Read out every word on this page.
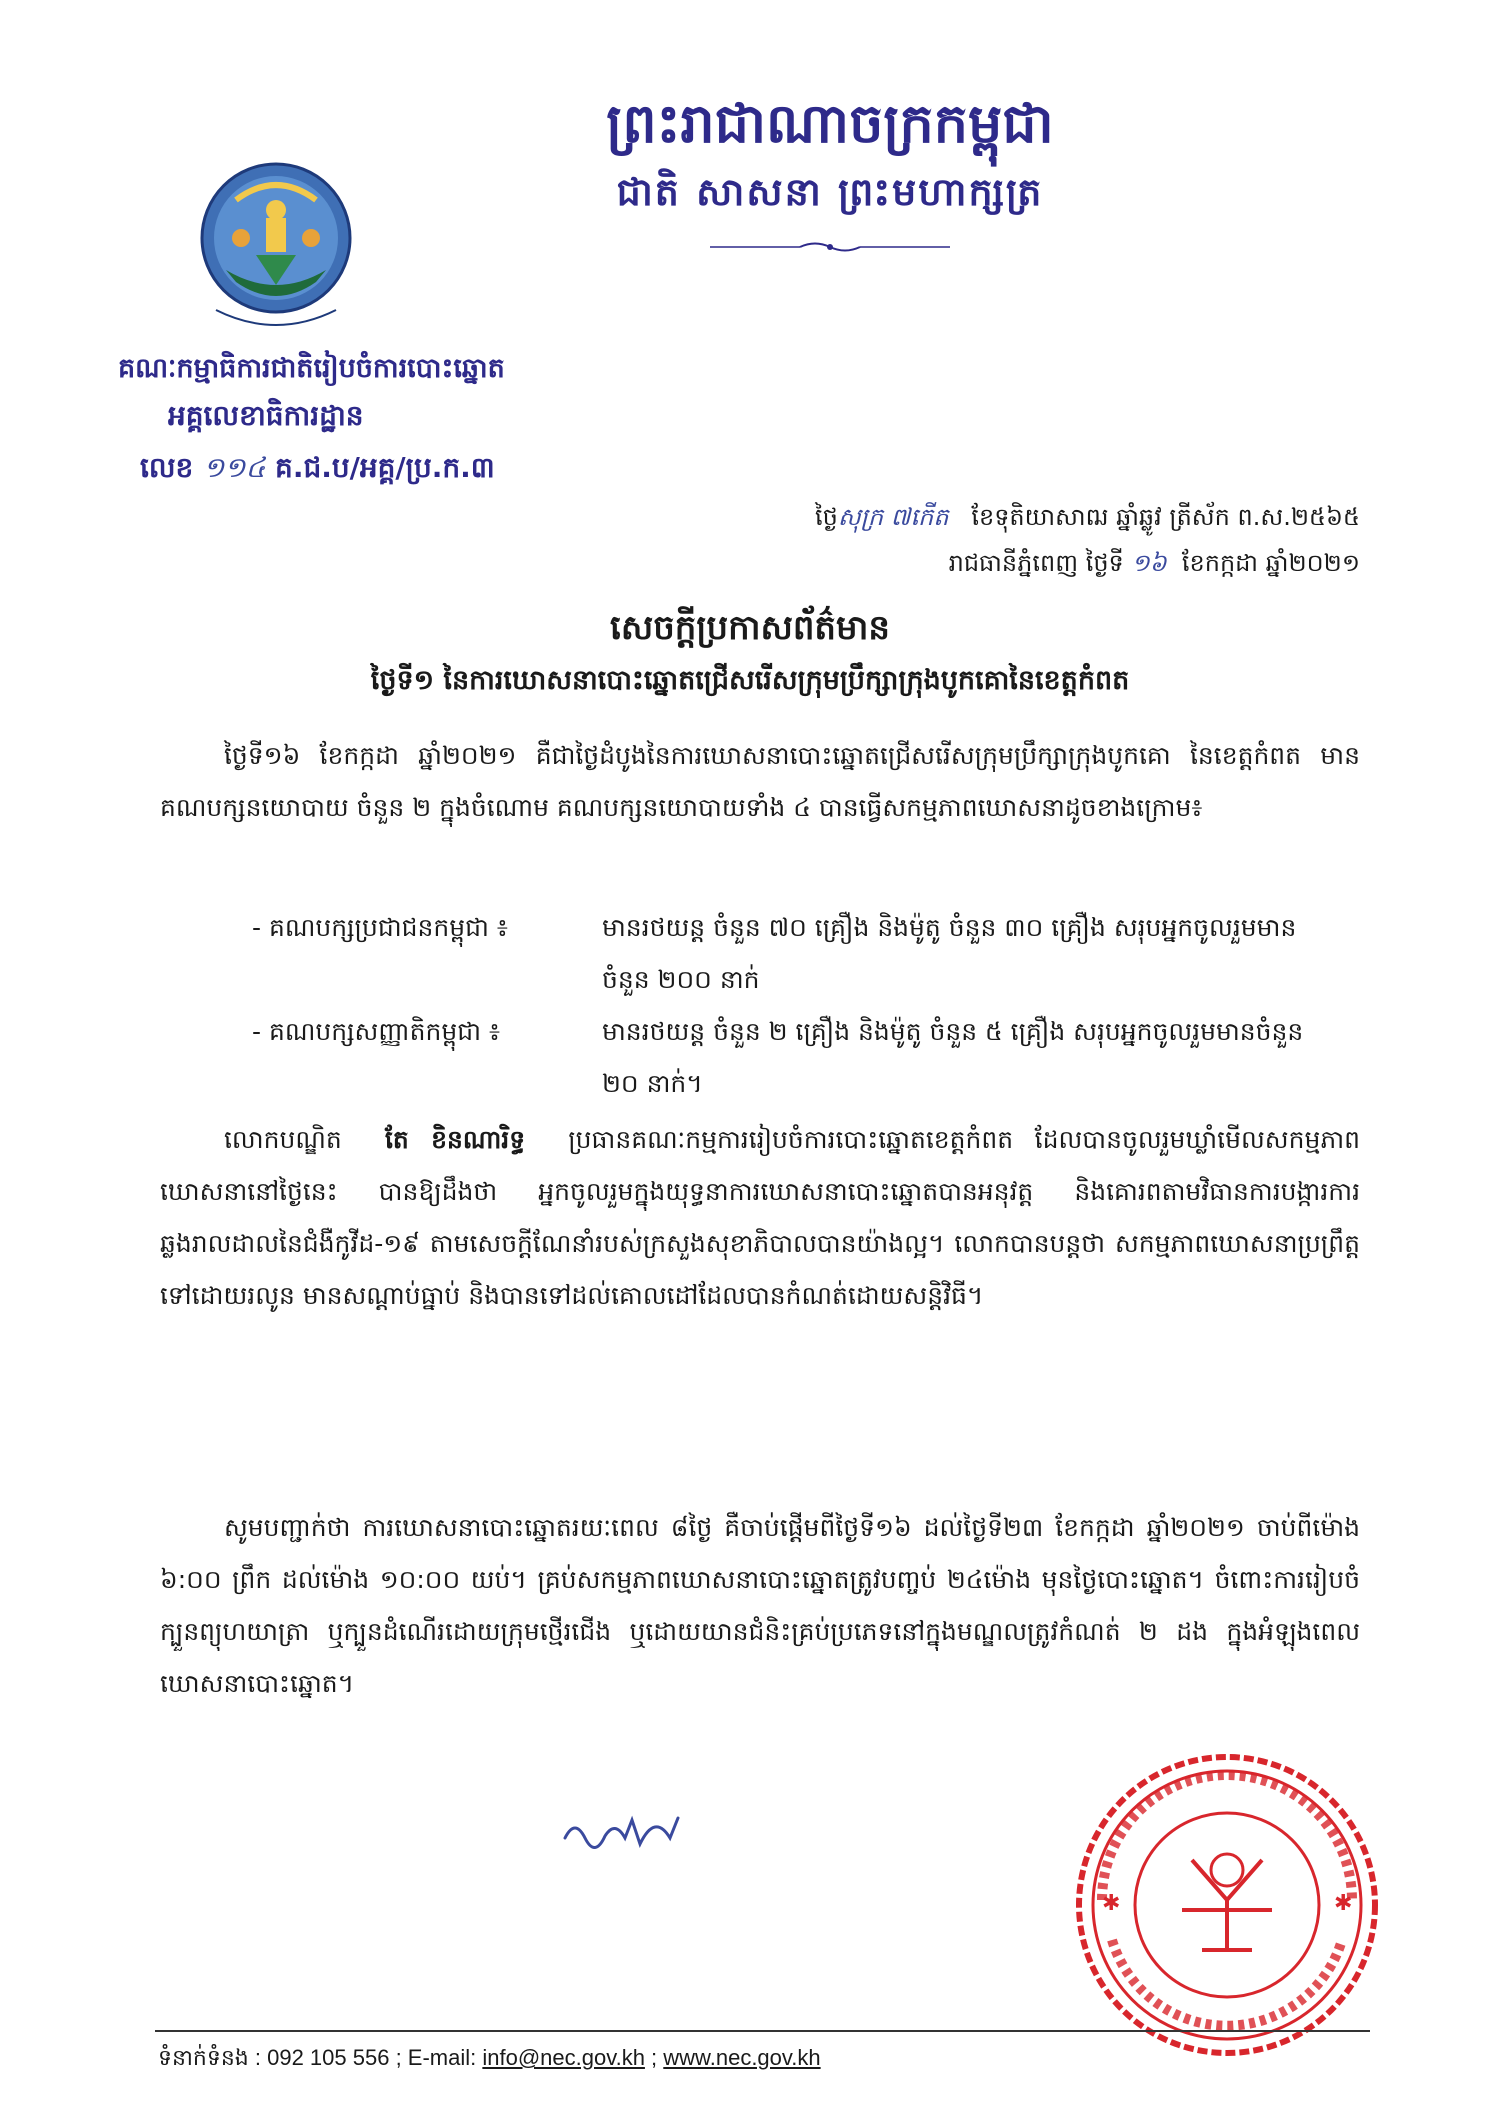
ព្រះរាជាណាចក្រកម្ពុជា
ជាតិ សាសនា ព្រះមហាក្សត្រ
គណៈកម្មាធិការជាតិរៀបចំការបោះឆ្នោត
អគ្គលេខាធិការដ្ឋាន
លេខ ១១៤ គ.ជ.ប/អគ្គ/ប្រ.ក.៣
ថ្ងៃសុក្រ ៧កើត ខែទុតិយាសាឍ ឆ្នាំឆ្លូវ ត្រីស័ក ព.ស.២៥៦៥
រាជធានីភ្នំពេញ ថ្ងៃទី ១៦ ខែកក្កដា ឆ្នាំ២០២១
សេចក្តីប្រកាសព័ត៌មាន
ថ្ងៃទី១ នៃការឃោសនាបោះឆ្នោតជ្រើសរើសក្រុមប្រឹក្សាក្រុងបូកគោនៃខេត្តកំពត
ថ្ងៃទី១៦ ខែកក្កដា ឆ្នាំ២០២១ គឺជាថ្ងៃដំបូងនៃការឃោសនាបោះឆ្នោតជ្រើសរើសក្រុមប្រឹក្សាក្រុងបូកគោ នៃខេត្តកំពត មានគណបក្សនយោបាយ ចំនួន ២ ក្នុងចំណោម គណបក្សនយោបាយទាំង ៤ បានធ្វើសកម្មភាពឃោសនាដូចខាងក្រោម៖
- គណបក្សប្រជាជនកម្ពុជា ៖	មានរថយន្ត ចំនួន ៧០ គ្រឿង និងម៉ូតូ ចំនួន ៣០ គ្រឿង សរុបអ្នកចូលរួមមានចំនួន ២០០ នាក់
- គណបក្សសញ្ញាតិកម្ពុជា ៖	មានរថយន្ត ចំនួន ២ គ្រឿង និងម៉ូតូ ចំនួន ៥ គ្រឿង សរុបអ្នកចូលរួមមានចំនួន ២០ នាក់។
លោកបណ្ឌិត តែ ខិនណារិទ្ធ ប្រធានគណៈកម្មការរៀបចំការបោះឆ្នោតខេត្តកំពត ដែលបានចូលរួមឃ្លាំមើលសកម្មភាពឃោសនានៅថ្ងៃនេះ បានឱ្យដឹងថា អ្នកចូលរួមក្នុងយុទ្ធនាការឃោសនាបោះឆ្នោតបានអនុវត្ត និងគោរពតាមវិធានការបង្ការការឆ្លងរាលដាលនៃជំងឺកូវីដ-១៩ តាមសេចក្តីណែនាំរបស់ក្រសួងសុខាភិបាលបានយ៉ាងល្អ។ លោកបានបន្តថា សកម្មភាពឃោសនាប្រព្រឹត្តទៅដោយរលូន មានសណ្តាប់ធ្នាប់ និងបានទៅដល់គោលដៅដែលបានកំណត់ដោយសន្តិវិធី។
សូមបញ្ជាក់ថា ការឃោសនាបោះឆ្នោតរយៈពេល ៨ថ្ងៃ គឺចាប់ផ្តើមពីថ្ងៃទី១៦ ដល់ថ្ងៃទី២៣ ខែកក្កដា ឆ្នាំ២០២១ ចាប់ពីម៉ោង ៦:០០ ព្រឹក ដល់ម៉ោង ១០:០០ យប់។ គ្រប់សកម្មភាពឃោសនាបោះឆ្នោតត្រូវបញ្ចប់ ២៤ម៉ោង មុនថ្ងៃបោះឆ្នោត។ ចំពោះការរៀបចំក្បួនព្យុហយាត្រា ឬក្បួនដំណើរដោយក្រុមថ្មើរជើង ឬដោយយានជំនិះគ្រប់ប្រភេទនៅក្នុងមណ្ឌលត្រូវកំណត់ ២ ដង ក្នុងអំឡុងពេលឃោសនាបោះឆ្នោត។
✱	✱
ទំនាក់ទំនង : 092 105 556 ; E-mail: info@nec.gov.kh ; www.nec.gov.kh
